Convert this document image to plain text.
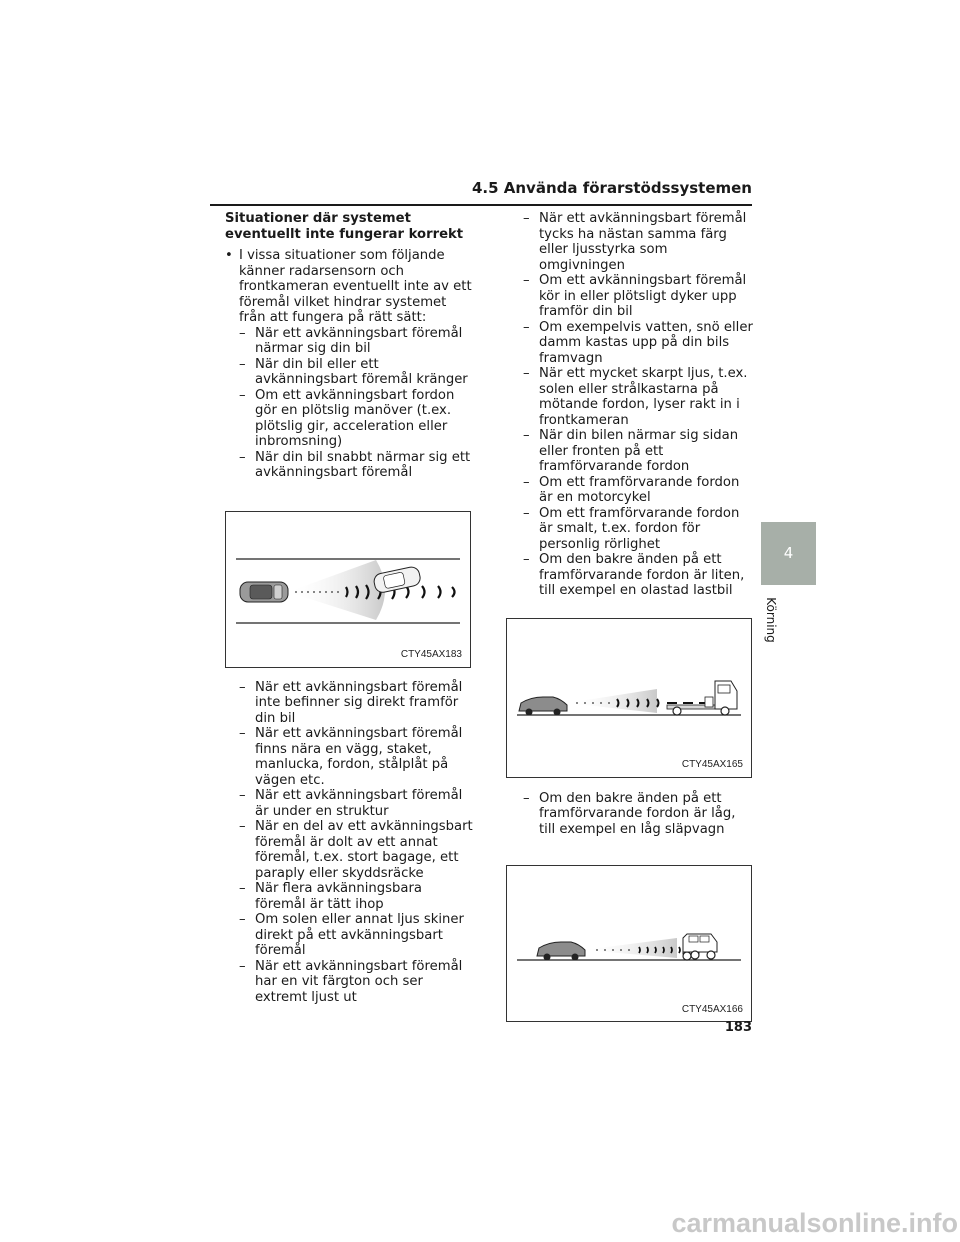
4.5 Använda förarstödssystemen

Situationer där systemet eventuellt inte fungerar korrekt

• I vissa situationer som följande känner radarsensorn och frontkameran eventuellt inte av ett föremål vilket hindrar systemet från att fungera på rätt sätt:
– När ett avkänningsbart föremål närmar sig din bil
– När din bil eller ett avkänningsbart föremål kränger
– Om ett avkänningsbart fordon gör en plötslig manöver (t.ex. plötslig gir, acceleration eller inbromsning)
– När din bil snabbt närmar sig ett avkänningsbart föremål
CTY45AX183
– När ett avkänningsbart föremål inte befinner sig direkt framför din bil
– När ett avkänningsbart föremål finns nära en vägg, staket, manlucka, fordon, stålplåt på vägen etc.
– När ett avkänningsbart föremål är under en struktur
– När en del av ett avkänningsbart föremål är dolt av ett annat föremål, t.ex. stort bagage, ett paraply eller skyddsräcke
– När flera avkänningsbara föremål är tätt ihop
– Om solen eller annat ljus skiner direkt på ett avkänningsbart föremål
– När ett avkänningsbart föremål har en vit färgton och ser extremt ljust ut
– När ett avkänningsbart föremål tycks ha nästan samma färg eller ljusstyrka som omgivningen
– Om ett avkänningsbart föremål kör in eller plötsligt dyker upp framför din bil
– Om exempelvis vatten, snö eller damm kastas upp på din bils framvagn
– När ett mycket skarpt ljus, t.ex. solen eller strålkastarna på mötande fordon, lyser rakt in i frontkameran
– När din bilen närmar sig sidan eller fronten på ett framförvarande fordon
– Om ett framförvarande fordon är en motorcykel
– Om ett framförvarande fordon är smalt, t.ex. fordon för personlig rörlighet
– Om den bakre änden på ett framförvarande fordon är liten, till exempel en olastad lastbil
CTY45AX165
– Om den bakre änden på ett framförvarande fordon är låg, till exempel en låg släpvagn
CTY45AX166
4
Körning
183
carmanualsonline.info
